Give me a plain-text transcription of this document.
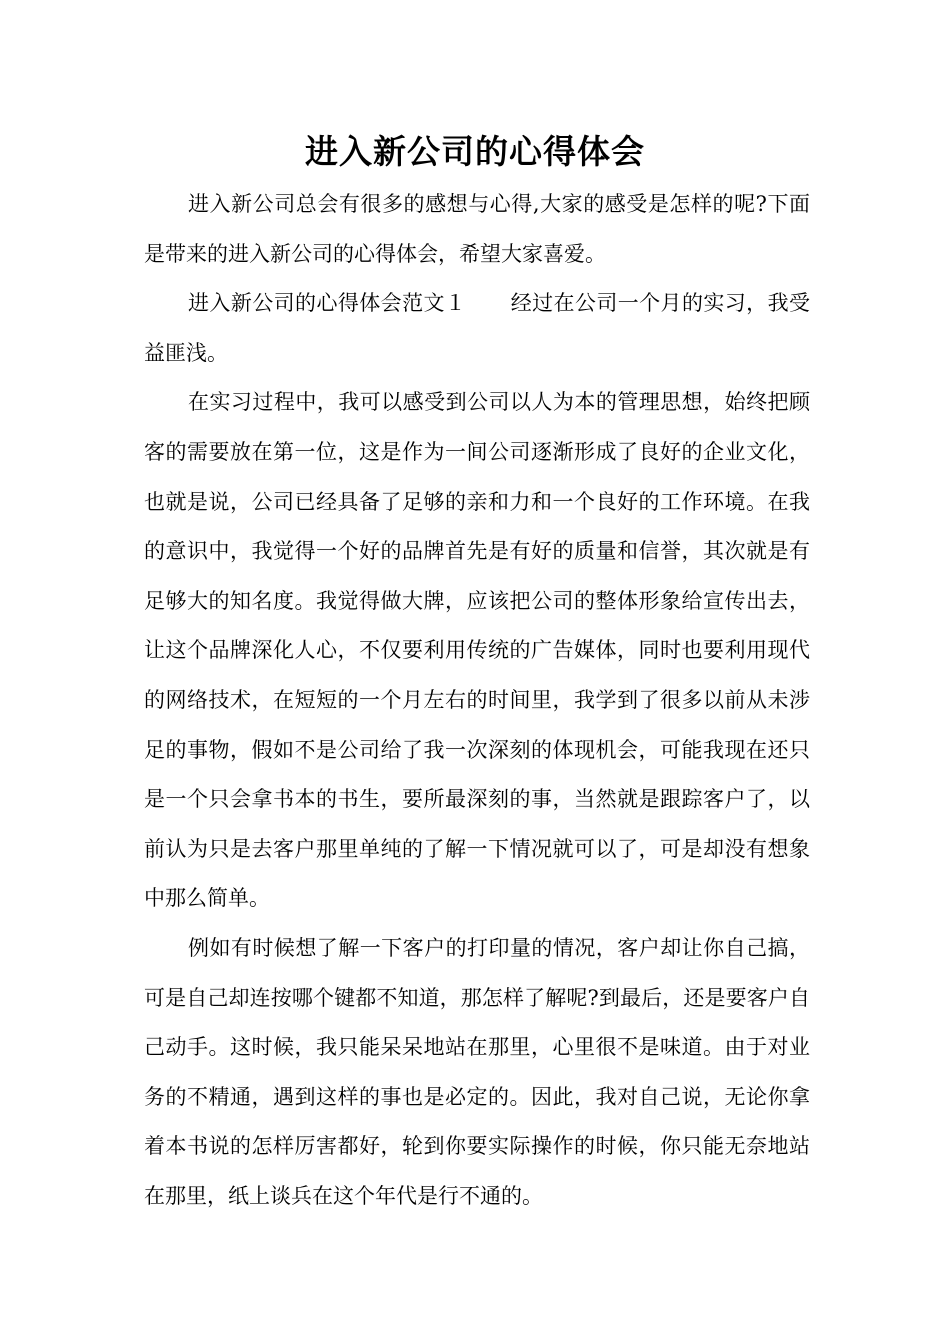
进入新公司的心得体会

进入新公司总会有很多的感想与心得,大家的感受是怎样的呢?下面是带来的进入新公司的心得体会，希望大家喜爱。

进入新公司的心得体会范文１ 经过在公司一个月的实习，我受益匪浅。

在实习过程中，我可以感受到公司以人为本的管理思想，始终把顾客的需要放在第一位，这是作为一间公司逐渐形成了良好的企业文化，也就是说，公司已经具备了足够的亲和力和一个良好的工作环境。在我的意识中，我觉得一个好的品牌首先是有好的质量和信誉，其次就是有足够大的知名度。我觉得做大牌，应该把公司的整体形象给宣传出去，让这个品牌深化人心，不仅要利用传统的广告媒体，同时也要利用现代的网络技术，在短短的一个月左右的时间里，我学到了很多以前从未涉足的事物，假如不是公司给了我一次深刻的体现机会，可能我现在还只是一个只会拿书本的书生，要所最深刻的事，当然就是跟踪客户了，以前认为只是去客户那里单纯的了解一下情况就可以了，可是却没有想象中那么简单。

例如有时候想了解一下客户的打印量的情况，客户却让你自己搞，可是自己却连按哪个键都不知道，那怎样了解呢?到最后，还是要客户自己动手。这时候，我只能呆呆地站在那里，心里很不是味道。由于对业务的不精通，遇到这样的事也是必定的。因此，我对自己说，无论你拿着本书说的怎样厉害都好，轮到你要实际操作的时候，你只能无奈地站在那里，纸上谈兵在这个年代是行不通的。
